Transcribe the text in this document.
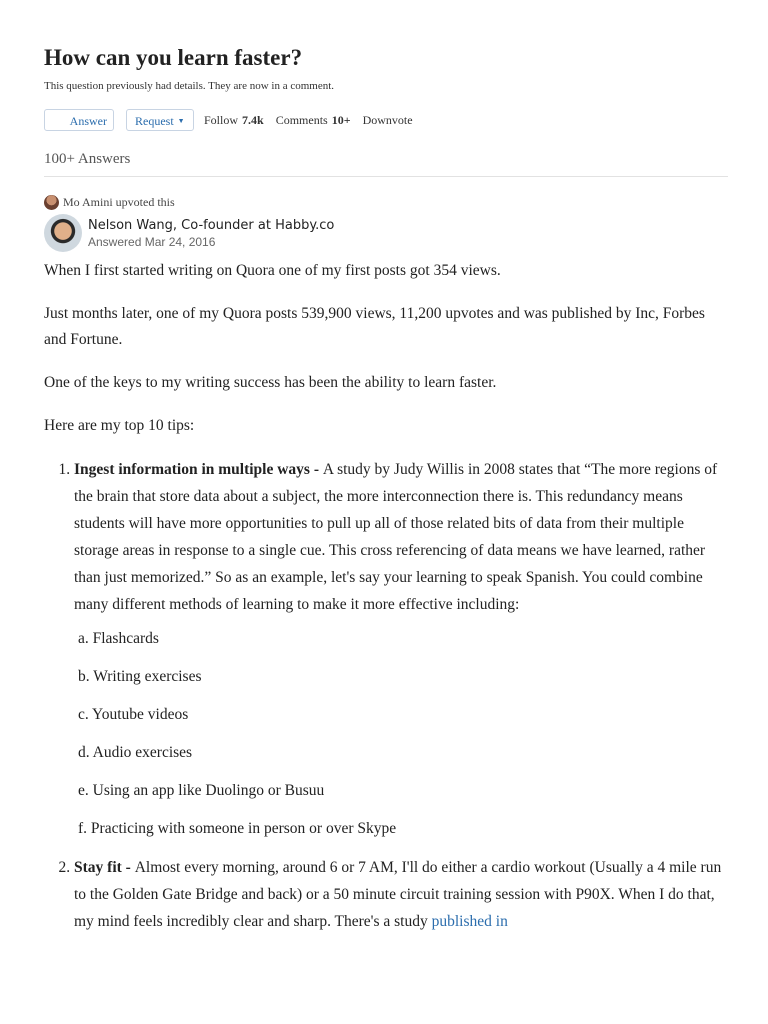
How can you learn faster?
This question previously had details. They are now in a comment.
Answer	Request ▼	Follow 7.4k Comments 10+ Downvote
100+ Answers
Mo Amini upvoted this
Nelson Wang, Co-founder at Habby.co
Answered Mar 24, 2016

When I first started writing on Quora one of my first posts got 354 views.

Just months later, one of my Quora posts 539,900 views, 11,200 upvotes and was published by Inc, Forbes and Fortune.

One of the keys to my writing success has been the ability to learn faster.

Here are my top 10 tips:

1. Ingest information in multiple ways - A study by Judy Willis in 2008 states that “The more regions of the brain that store data about a subject, the more interconnection there is. This redundancy means students will have more opportunities to pull up all of those related bits of data from their multiple storage areas in response to a single cue. This cross referencing of data means we have learned, rather than just memorized.” So as an example, let's say your learning to speak Spanish. You could combine many different methods of learning to make it more effective including:
a. Flashcards
b. Writing exercises
c. Youtube videos
d. Audio exercises
e. Using an app like Duolingo or Busuu
f. Practicing with someone in person or over Skype
2. Stay fit - Almost every morning, around 6 or 7 AM, I'll do either a cardio workout (Usually a 4 mile run to the Golden Gate Bridge and back) or a 50 minute circuit training session with P90X. When I do that, my mind feels incredibly clear and sharp. There's a study published in
